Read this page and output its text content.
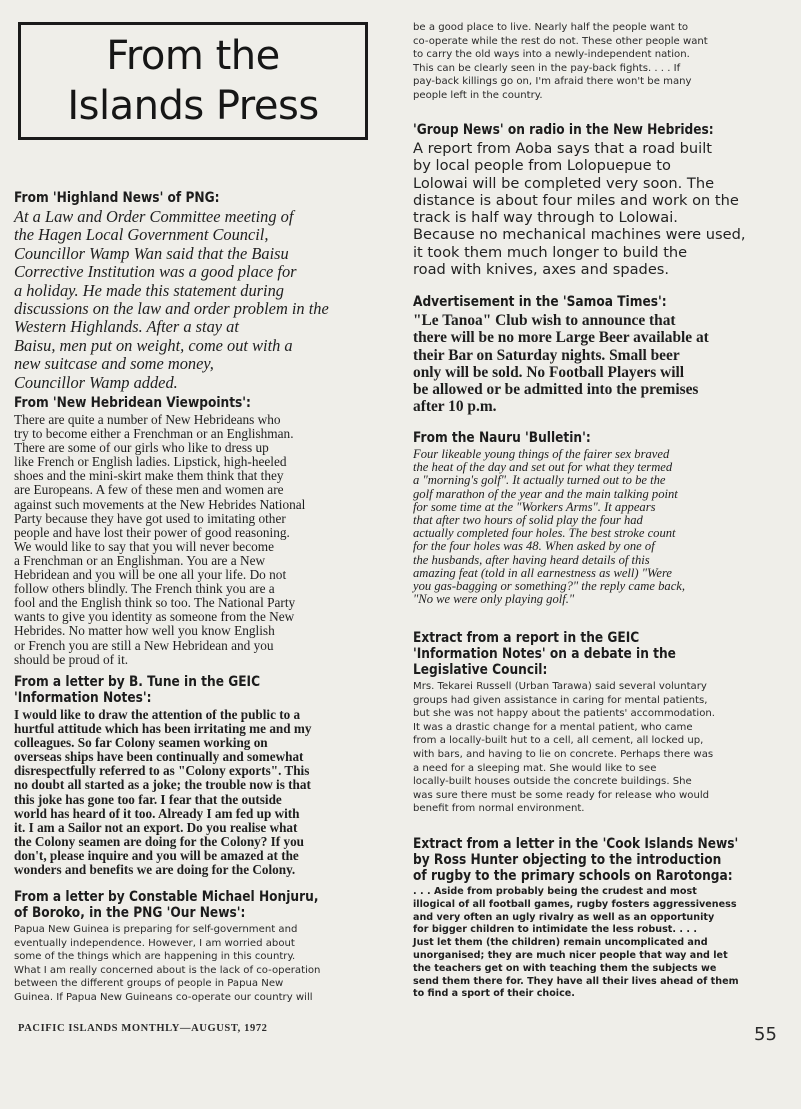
From the
Islands Press

From 'Highland News' of PNG:

At a Law and Order Committee meeting of
the Hagen Local Government Council,
Councillor Wamp Wan said that the Baisu
Corrective Institution was a good place for
a holiday. He made this statement during
discussions on the law and order problem in the
Western Highlands. After a stay at
Baisu, men put on weight, come out with a
new suitcase and some money,
Councillor Wamp added.

From 'New Hebridean Viewpoints':

There are quite a number of New Hebrideans who
try to become either a Frenchman or an Englishman.
There are some of our girls who like to dress up
like French or English ladies. Lipstick, high-heeled
shoes and the mini-skirt make them think that they
are Europeans. A few of these men and women are
against such movements at the New Hebrides National
Party because they have got used to imitating other
people and have lost their power of good reasoning.
We would like to say that you will never become
a Frenchman or an Englishman. You are a New
Hebridean and you will be one all your life. Do not
follow others blindly. The French think you are a
fool and the English think so too. The National Party
wants to give you identity as someone from the New
Hebrides. No matter how well you know English
or French you are still a New Hebridean and you
should be proud of it.

From a letter by B. Tune in the GEIC
'Information Notes':

I would like to draw the attention of the public to a
hurtful attitude which has been irritating me and my
colleagues. So far Colony seamen working on
overseas ships have been continually and somewhat
disrespectfully referred to as "Colony exports". This
no doubt all started as a joke; the trouble now is that
this joke has gone too far. I fear that the outside
world has heard of it too. Already I am fed up with
it. I am a Sailor not an export. Do you realise what
the Colony seamen are doing for the Colony? If you
don't, please inquire and you will be amazed at the
wonders and benefits we are doing for the Colony.

From a letter by Constable Michael Honjuru,
of Boroko, in the PNG 'Our News':

Papua New Guinea is preparing for self-government and
eventually independence. However, I am worried about
some of the things which are happening in this country.
What I am really concerned about is the lack of co-operation
between the different groups of people in Papua New
Guinea. If Papua New Guineans co-operate our country will

be a good place to live. Nearly half the people want to
co-operate while the rest do not. These other people want
to carry the old ways into a newly-independent nation.
This can be clearly seen in the pay-back fights. . . . If
pay-back killings go on, I'm afraid there won't be many
people left in the country.

'Group News' on radio in the New Hebrides:

A report from Aoba says that a road built
by local people from Lolopuepue to
Lolowai will be completed very soon. The
distance is about four miles and work on the
track is half way through to Lolowai.
Because no mechanical machines were used,
it took them much longer to build the
road with knives, axes and spades.

Advertisement in the 'Samoa Times':

"Le Tanoa" Club wish to announce that
there will be no more Large Beer available at
their Bar on Saturday nights. Small beer
only will be sold. No Football Players will
be allowed or be admitted into the premises
after 10 p.m.

From the Nauru 'Bulletin':

Four likeable young things of the fairer sex braved
the heat of the day and set out for what they termed
a "morning's golf". It actually turned out to be the
golf marathon of the year and the main talking point
for some time at the "Workers Arms". It appears
that after two hours of solid play the four had
actually completed four holes. The best stroke count
for the four holes was 48. When asked by one of
the husbands, after having heard details of this
amazing feat (told in all earnestness as well) "Were
you gas-bagging or something?" the reply came back,
"No we were only playing golf."

Extract from a report in the GEIC
'Information Notes' on a debate in the
Legislative Council:

Mrs. Tekarei Russell (Urban Tarawa) said several voluntary
groups had given assistance in caring for mental patients,
but she was not happy about the patients' accommodation.
It was a drastic change for a mental patient, who came
from a locally-built hut to a cell, all cement, all locked up,
with bars, and having to lie on concrete. Perhaps there was
a need for a sleeping mat. She would like to see
locally-built houses outside the concrete buildings. She
was sure there must be some ready for release who would
benefit from normal environment.

Extract from a letter in the 'Cook Islands News'
by Ross Hunter objecting to the introduction
of rugby to the primary schools on Rarotonga:

. . . Aside from probably being the crudest and most
illogical of all football games, rugby fosters aggressiveness
and very often an ugly rivalry as well as an opportunity
for bigger children to intimidate the less robust. . . .
Just let them (the children) remain uncomplicated and
unorganised; they are much nicer people that way and let
the teachers get on with teaching them the subjects we
send them there for. They have all their lives ahead of them
to find a sport of their choice.

PACIFIC ISLANDS MONTHLY—AUGUST, 1972	55
